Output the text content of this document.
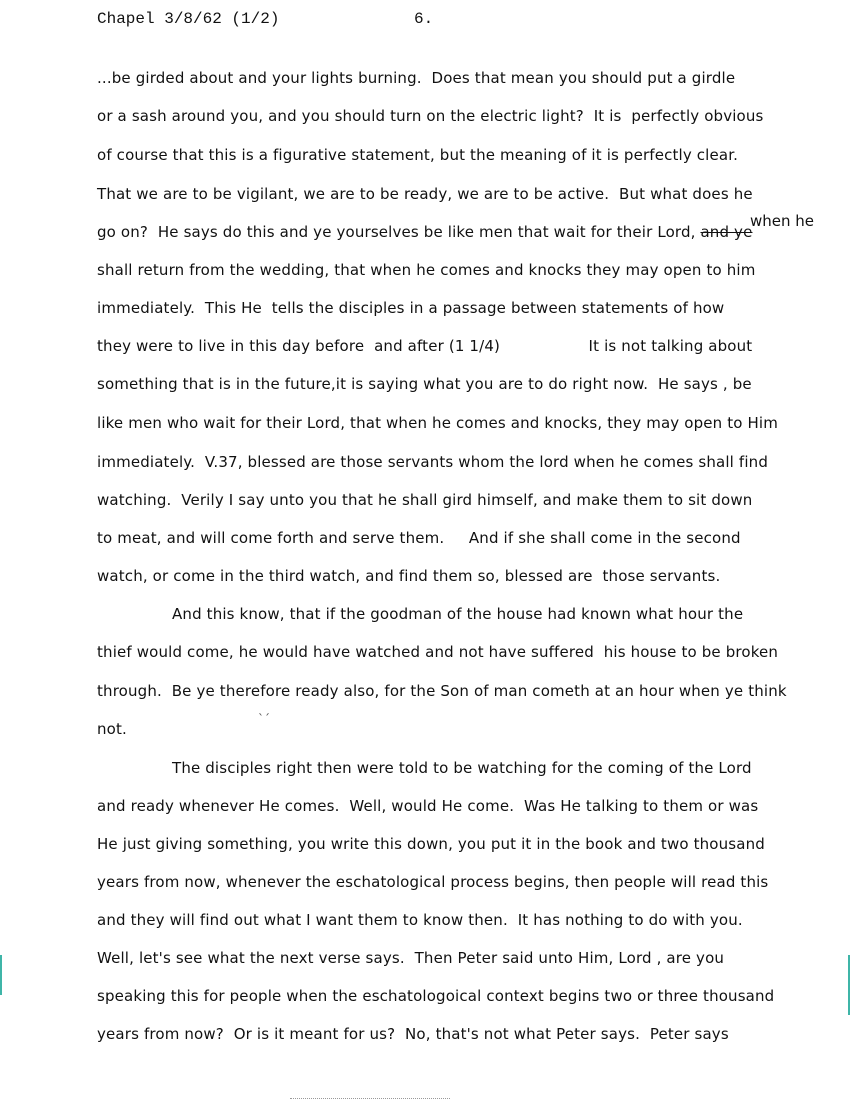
Chapel 3/8/62 (1/2)	6.
when he
...be girded about and your lights burning.  Does that mean you should put a girdle
or a sash around you, and you should turn on the electric light?  It is  perfectly obvious
of course that this is a figurative statement, but the meaning of it is perfectly clear.
That we are to be vigilant, we are to be ready, we are to be active.  But what does he
go on?  He says do this and ye yourselves be like men that wait for their Lord, and ye
shall return from the wedding, that when he comes and knocks they may open to him
immediately.  This He  tells the disciples in a passage between statements of how
they were to live in this day before  and after (1 1/4)                  It is not talking about
something that is in the future,it is saying what you are to do right now.  He says , be
like men who wait for their Lord, that when he comes and knocks, they may open to Him
immediately.  V.37, blessed are those servants whom the lord when he comes shall find
watching.  Verily I say unto you that he shall gird himself, and make them to sit down
to meat, and will come forth and serve them.     And if she shall come in the second
watch, or come in the third watch, and find them so, blessed are  those servants.
And this know, that if the goodman of the house had known what hour the
thief would come, he would have watched and not have suffered  his house to be broken
through.  Be ye therefore ready also, for the Son of man cometh at an hour when ye think
not.
The disciples right then were told to be watching for the coming of the Lord
and ready whenever He comes.  Well, would He come.  Was He talking to them or was
He just giving something, you write this down, you put it in the book and two thousand
years from now, whenever the eschatological process begins, then people will read this
and they will find out what I want them to know then.  It has nothing to do with you.
Well, let's see what the next verse says.  Then Peter said unto Him, Lord , are you
speaking this for people when the eschatologoical context begins two or three thousand
years from now?  Or is it meant for us?  No, that's not what Peter says.  Peter says
`´
